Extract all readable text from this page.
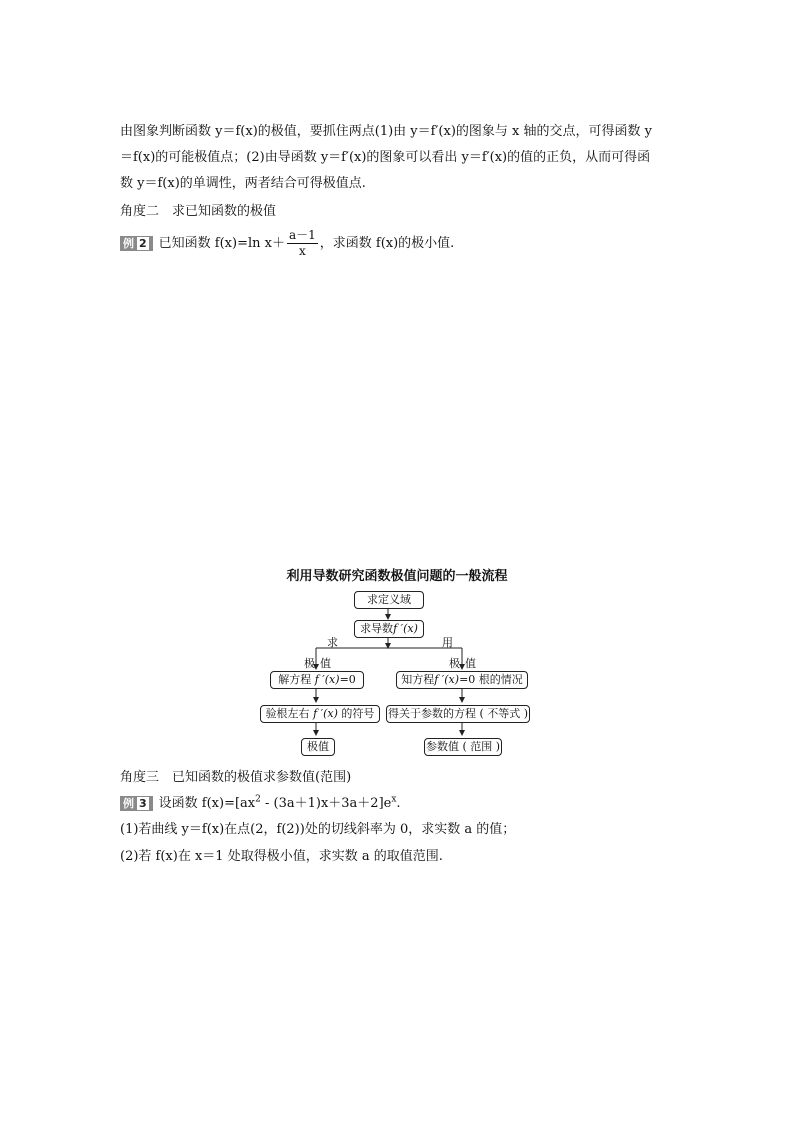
由图象判断函数 y＝f(x)的极值，要抓住两点(1)由 y＝f′(x)的图象与 x 轴的交点，可得函数 y
＝f(x)的可能极值点；(2)由导函数 y＝f′(x)的图象可以看出 y＝f′(x)的值的正负，从而可得函
数 y＝f(x)的单调性，两者结合可得极值点.
角度二　求已知函数的极值
例 2 已知函数 f(x)=ln $x+ \frac{a-1}{x}$ ，求函数 f(x)的极小值.
利用导数研究函数极值问题的一般流程
求定义域
求导数f ′(x)
求	用
极 值	极 值
解方程 f ′(x)=0
验根左右 f ′(x) 的符号
极值
知方程f ′(x)=0 根的情况
得关于参数的方程 ( 不等式 )
参数值 ( 范围 )
角度三　已知函数的极值求参数值(范围)
例 3 设函数 $f(x)=[ax^2 - (3a+1)x+3a+2]e^x$.
(1)若曲线 y＝f(x)在点(2，f(2))处的切线斜率为 0，求实数 a 的值；
(2)若 f(x)在 x＝1 处取得极小值，求实数 a 的取值范围.
